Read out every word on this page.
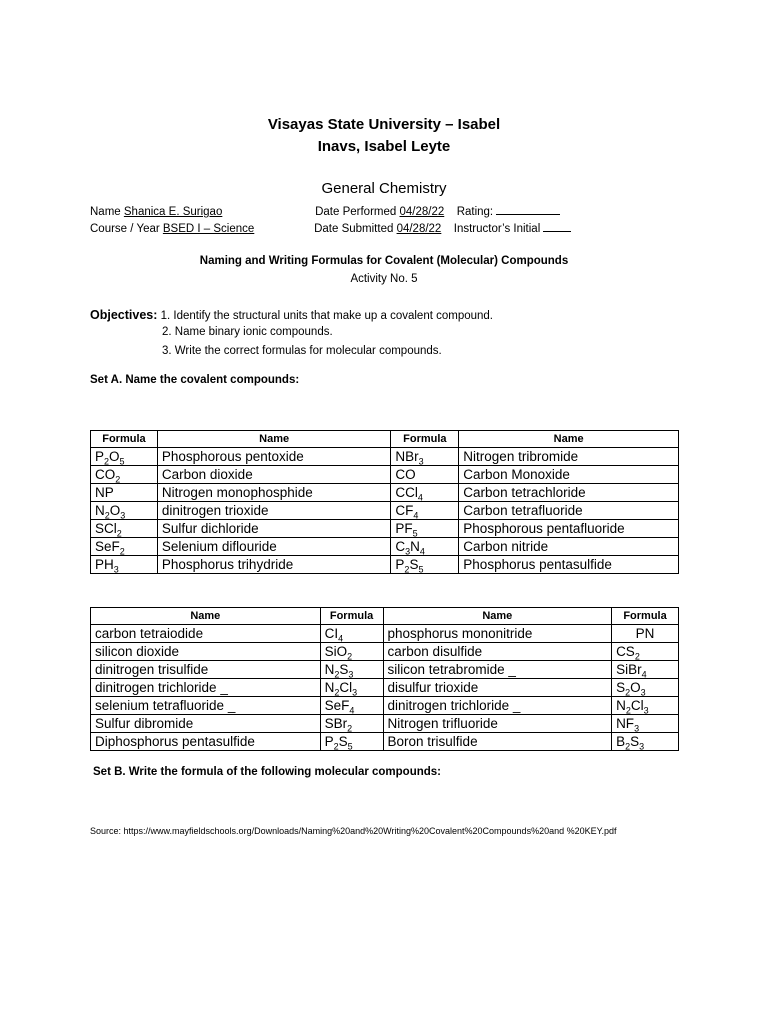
Visayas State University – Isabel
Inavs, Isabel Leyte
General Chemistry
Name Shanica E. Surigao	Date Performed 04/28/22 Rating:
Course / Year BSED I – Science	Date Submitted 04/28/22 Instructor’s Initial
Naming and Writing Formulas for Covalent (Molecular) Compounds
Activity No. 5
Objectives: 1. Identify the structural units that make up a covalent compound.
2. Name binary ionic compounds.
3. Write the correct formulas for molecular compounds.
Set A. Name the covalent compounds:
Formula	Name	Formula	Name
$P_2O_5$	Phosphorous pentoxide	NBr$_3$	Nitrogen tribromide
$CO_2$	Carbon dioxide	CO	Carbon Monoxide
NP	Nitrogen monophosphide	CCl$_4$	Carbon tetrachloride
$N_2O_3$	dinitrogen trioxide	$CF_4$	Carbon tetrafluoride
SCl$_2$	Sulfur dichloride	$PF_5$	Phosphorous pentafluoride
SeF$_2$	Selenium diflouride	$C_3N_4$	Carbon nitride
$PH_3$	Phosphorus trihydride	$P_2S_5$	Phosphorus pentasulfide
Name	Formula	Name	Formula
carbon tetraiodide	$CI_4$	phosphorus mononitride	PN
silicon dioxide	SiO$_2$	carbon disulfide	$CS_2$
dinitrogen trisulfide	$N_2S_3$	silicon tetrabromide _	SiBr$_4$
dinitrogen trichloride _	$N_2Cl_3$	disulfur trioxide	$S_2O_3$
selenium tetrafluoride _	SeF$_4$	dinitrogen trichloride _	$N_2Cl_3$
Sulfur dibromide	SBr$_2$	Nitrogen trifluoride	$NF_3$
Diphosphorus pentasulfide	$P_2S_5$	Boron trisulfide	$B_2S_3$
Set B. Write the formula of the following molecular compounds:
Source: https://www.mayfieldschools.org/Downloads/Naming%20and%20Writing%20Covalent%20Compounds%20and %20KEY.pdf
